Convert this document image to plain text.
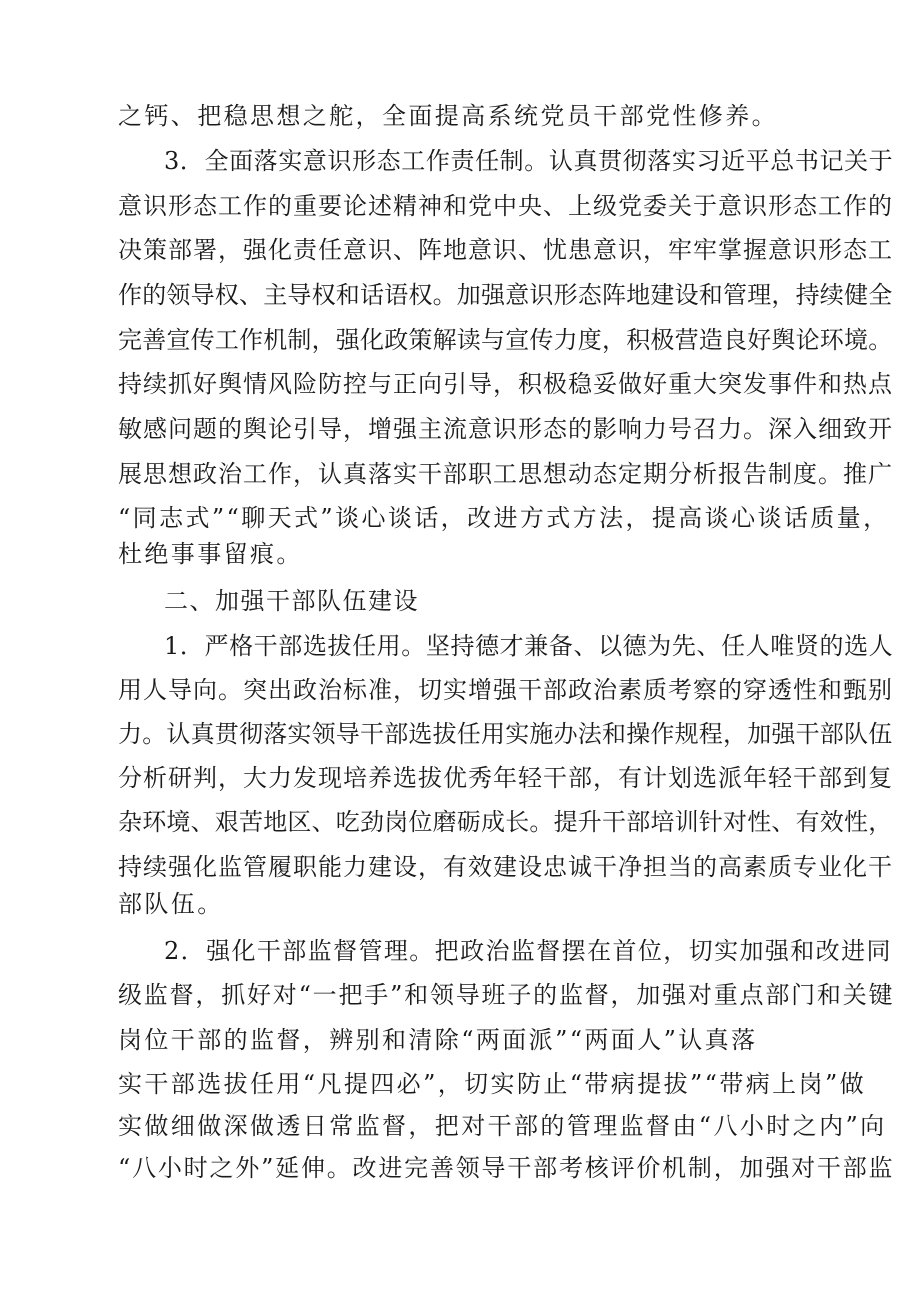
之钙、把稳思想之舵，全面提高系统党员干部党性修养。
3．全面落实意识形态工作责任制。认真贯彻落实习近平总书记关于
意识形态工作的重要论述精神和党中央、上级党委关于意识形态工作的
决策部署，强化责任意识、阵地意识、忧患意识，牢牢掌握意识形态工
作的领导权、主导权和话语权。加强意识形态阵地建设和管理，持续健全
完善宣传工作机制，强化政策解读与宣传力度，积极营造良好舆论环境。
持续抓好舆情风险防控与正向引导，积极稳妥做好重大突发事件和热点
敏感问题的舆论引导，增强主流意识形态的影响力号召力。深入细致开
展思想政治工作，认真落实干部职工思想动态定期分析报告制度。推广
“同志式”“聊天式”谈心谈话，改进方式方法，提高谈心谈话质量，
杜绝事事留痕。
二、加强干部队伍建设
1．严格干部选拔任用。坚持德才兼备、以德为先、任人唯贤的选人
用人导向。突出政治标准，切实增强干部政治素质考察的穿透性和甄别
力。认真贯彻落实领导干部选拔任用实施办法和操作规程，加强干部队伍
分析研判，大力发现培养选拔优秀年轻干部，有计划选派年轻干部到复
杂环境、艰苦地区、吃劲岗位磨砺成长。提升干部培训针对性、有效性，
持续强化监管履职能力建设，有效建设忠诚干净担当的高素质专业化干
部队伍。
2．强化干部监督管理。把政治监督摆在首位，切实加强和改进同
级监督，抓好对“一把手”和领导班子的监督，加强对重点部门和关键
岗位干部的监督，辨别和清除“两面派”“两面人”认真落
实干部选拔任用“凡提四必”，切实防止“带病提拔”“带病上岗”做
实做细做深做透日常监督，把对干部的管理监督由“八小时之内”向
“八小时之外”延伸。改进完善领导干部考核评价机制，加强对干部监
